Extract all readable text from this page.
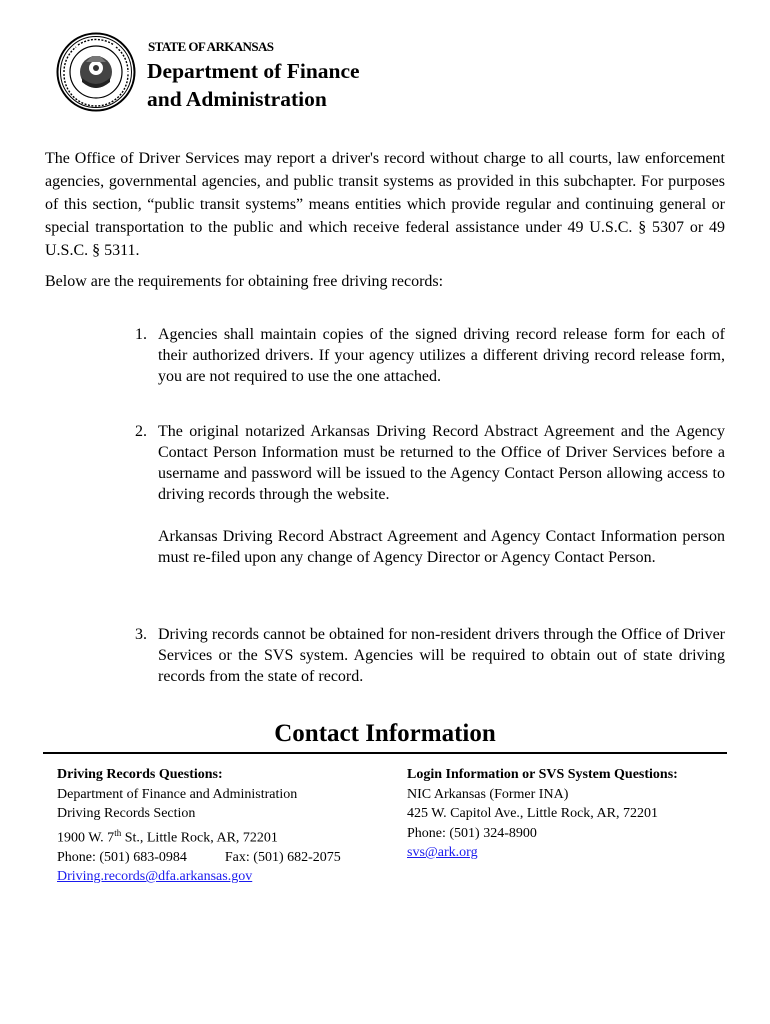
STATE OF ARKANSAS
Department of Finance
and Administration

The Office of Driver Services may report a driver's record without charge to all courts, law enforcement agencies, governmental agencies, and public transit systems as provided in this subchapter. For purposes of this section, “public transit systems” means entities which provide regular and continuing general or special transportation to the public and which receive federal assistance under 49 U.S.C. § 5307 or 49 U.S.C. § 5311.

Below are the requirements for obtaining free driving records:

1. Agencies shall maintain copies of the signed driving record release form for each of their authorized drivers. If your agency utilizes a different driving record release form, you are not required to use the one attached.

2. The original notarized Arkansas Driving Record Abstract Agreement and the Agency Contact Person Information must be returned to the Office of Driver Services before a username and password will be issued to the Agency Contact Person allowing access to driving records through the website.

Arkansas Driving Record Abstract Agreement and Agency Contact Information person must re-filed upon any change of Agency Director or Agency Contact Person.

3. Driving records cannot be obtained for non-resident drivers through the Office of Driver Services or the SVS system. Agencies will be required to obtain out of state driving records from the state of record.

Contact Information
Driving Records Questions:
Department of Finance and Administration
Driving Records Section
1900 W. 7th St., Little Rock, AR, 72201
Phone: (501) 683-0984	Fax: (501) 682-2075
Driving.records@dfa.arkansas.gov
Login Information or SVS System Questions:
NIC Arkansas (Former INA)
425 W. Capitol Ave., Little Rock, AR, 72201
Phone: (501) 324-8900
svs@ark.org
